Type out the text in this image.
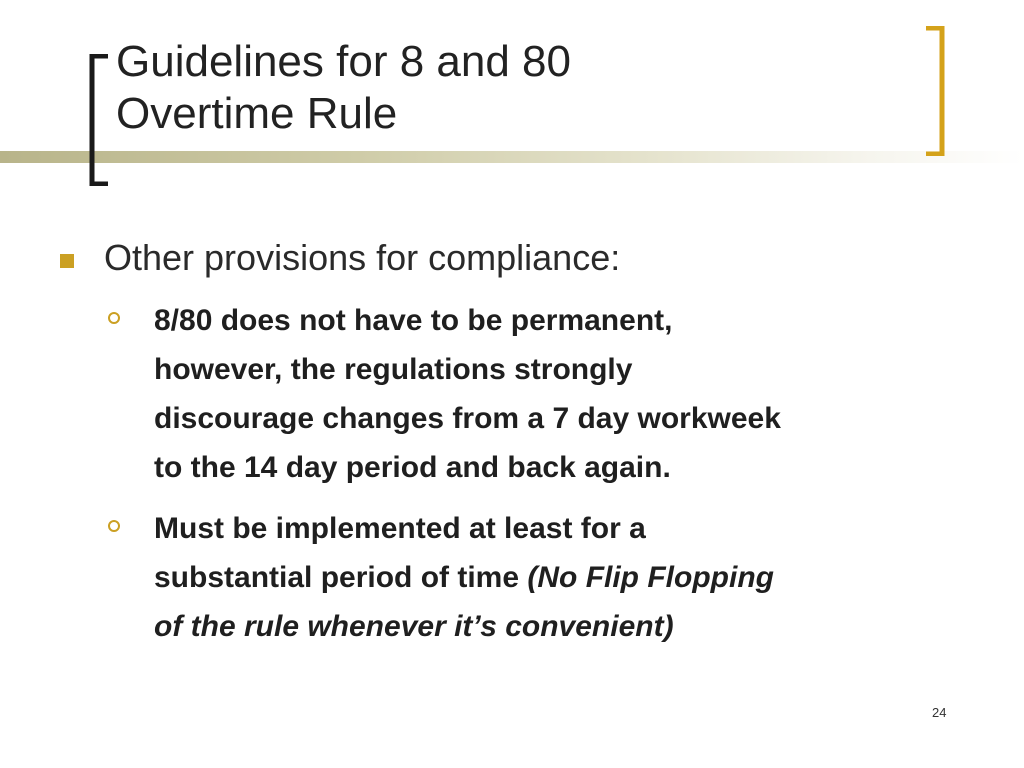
Guidelines for 8 and 80
Overtime Rule
Other provisions for compliance:
8/80 does not have to be permanent,
however, the regulations strongly
discourage changes from a 7 day workweek
to the 14 day period and back again.
Must be implemented at least for a
substantial period of time (No Flip Flopping
of the rule whenever it’s convenient)
24
